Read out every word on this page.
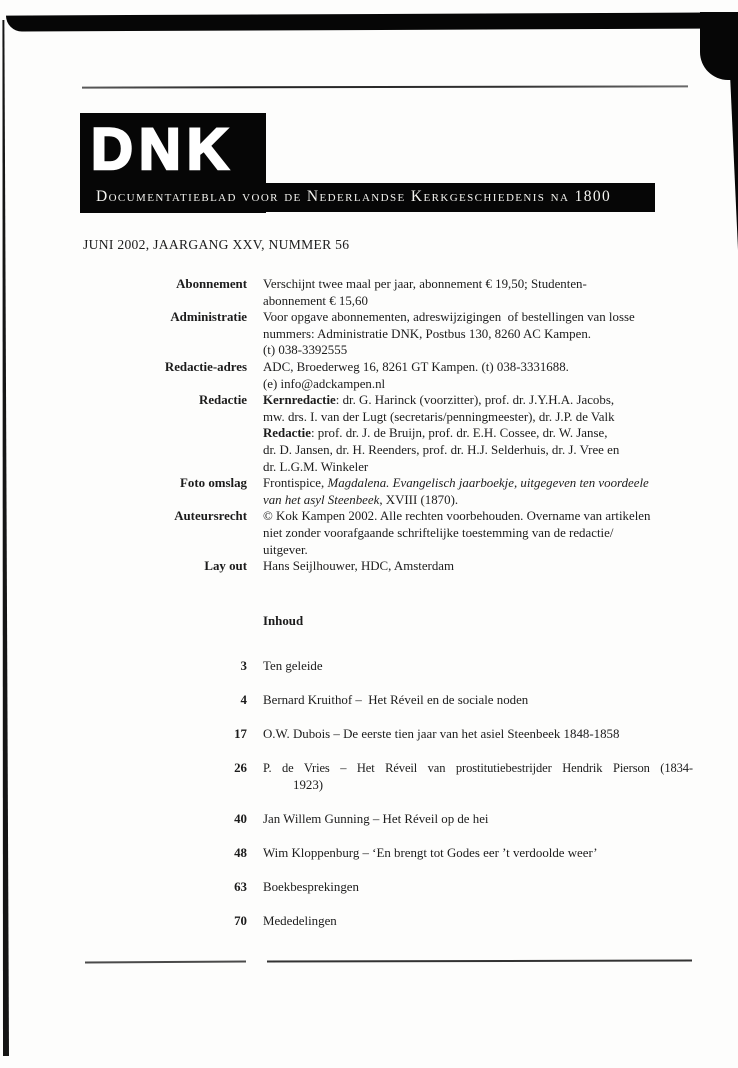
DNK
Documentatieblad voor de Nederlandse Kerkgeschiedenis na 1800
JUNI 2002, JAARGANG XXV, NUMMER 56
Abonnement Verschijnt twee maal per jaar, abonnement € 19,50; Studenten-
abonnement € 15,60
Administratie Voor opgave abonnementen, adreswijzigingen  of bestellingen van losse
nummers: Administratie DNK, Postbus 130, 8260 AC Kampen.
(t) 038-3392555
Redactie-adres ADC, Broederweg 16, 8261 GT Kampen. (t) 038-3331688.
(e) info@adckampen.nl
Redactie Kernredactie: dr. G. Harinck (voorzitter), prof. dr. J.Y.H.A. Jacobs,
mw. drs. I. van der Lugt (secretaris/penningmeester), dr. J.P. de Valk
Redactie: prof. dr. J. de Bruijn, prof. dr. E.H. Cossee, dr. W. Janse,
dr. D. Jansen, dr. H. Reenders, prof. dr. H.J. Selderhuis, dr. J. Vree en
dr. L.G.M. Winkeler
Foto omslag Frontispice, Magdalena. Evangelisch jaarboekje, uitgegeven ten voordeele
van het asyl Steenbeek, XVIII (1870).
Auteursrecht © Kok Kampen 2002. Alle rechten voorbehouden. Overname van artikelen
niet zonder voorafgaande schriftelijke toestemming van de redactie/
uitgever.
Lay out Hans Seijlhouwer, HDC, Amsterdam
Inhoud
3 Ten geleide
4 Bernard Kruithof –  Het Réveil en de sociale noden
17 O.W. Dubois – De eerste tien jaar van het asiel Steenbeek 1848-1858
26 P. de Vries – Het Réveil van prostitutiebestrijder Hendrik Pierson (1834-
1923)
40 Jan Willem Gunning – Het Réveil op de hei
48 Wim Kloppenburg – ‘En brengt tot Godes eer ’t verdoolde weer’
63 Boekbesprekingen
70 Mededelingen
